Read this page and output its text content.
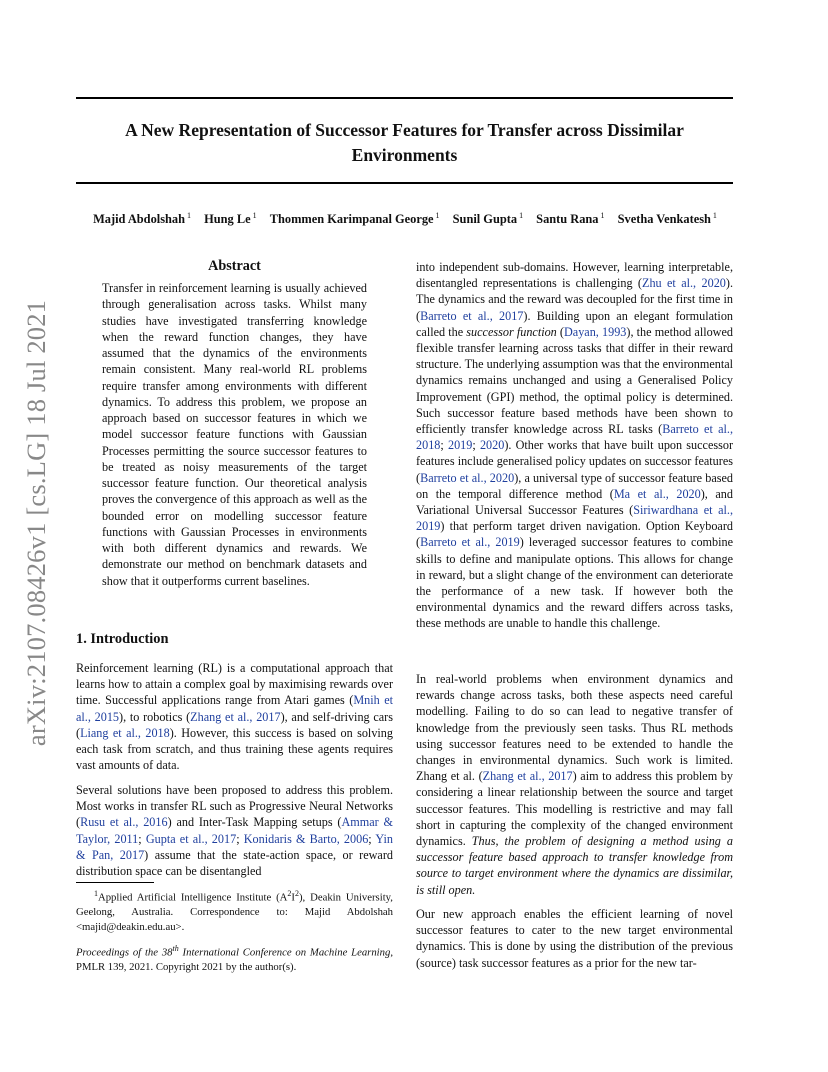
arXiv:2107.08426v1 [cs.LG] 18 Jul 2021
A New Representation of Successor Features for Transfer across Dissimilar
Environments
Majid Abdolshah $^1$ Hung Le $^1$ Thommen Karimpanal George $^1$ Sunil Gupta $^1$ Santu Rana $^1$ Svetha Venkatesh $^1$
Abstract
Transfer in reinforcement learning is usually achieved through generalisation across tasks. Whilst many studies have investigated transferring knowledge when the reward function changes, they have assumed that the dynamics of the environments remain consistent. Many real-world RL problems require transfer among environments with different dynamics. To address this problem, we propose an approach based on successor features in which we model successor feature functions with Gaussian Processes permitting the source successor features to be treated as noisy measurements of the target successor feature function. Our theoretical analysis proves the convergence of this approach as well as the bounded error on modelling successor feature functions with Gaussian Processes in environments with both different dynamics and rewards. We demonstrate our method on benchmark datasets and show that it outperforms current baselines.
1. Introduction
Reinforcement learning (RL) is a computational approach that learns how to attain a complex goal by maximising rewards over time. Successful applications range from Atari games (Mnih et al., 2015), to robotics (Zhang et al., 2017), and self-driving cars (Liang et al., 2018). However, this success is based on solving each task from scratch, and thus training these agents requires vast amounts of data.
Several solutions have been proposed to address this problem. Most works in transfer RL such as Progressive Neural Networks (Rusu et al., 2016) and Inter-Task Mapping setups (Ammar & Taylor, 2011; Gupta et al., 2017; Konidaris & Barto, 2006; Yin & Pan, 2017) assume that the state-action space, or reward distribution space can be disentangled
$^1$Applied Artificial Intelligence Institute $(A^2I^2)$, Deakin University, Geelong, Australia. Correspondence to: Majid Abdolshah <majid@deakin.edu.au>.
Proceedings of the 38th International Conference on Machine Learning, PMLR 139, 2021. Copyright 2021 by the author(s).
into independent sub-domains. However, learning interpretable, disentangled representations is challenging (Zhu et al., 2020). The dynamics and the reward was decoupled for the first time in (Barreto et al., 2017). Building upon an elegant formulation called the successor function (Dayan, 1993), the method allowed flexible transfer learning across tasks that differ in their reward structure. The underlying assumption was that the environmental dynamics remains unchanged and using a Generalised Policy Improvement (GPI) method, the optimal policy is determined. Such successor feature based methods have been shown to efficiently transfer knowledge across RL tasks (Barreto et al., 2018; 2019; 2020). Other works that have built upon successor features include generalised policy updates on successor features (Barreto et al., 2020), a universal type of successor feature based on the temporal difference method (Ma et al., 2020), and Variational Universal Successor Features (Siriwardhana et al., 2019) that perform target driven navigation. Option Keyboard (Barreto et al., 2019) leveraged successor features to combine skills to define and manipulate options. This allows for change in reward, but a slight change of the environment can deteriorate the performance of a new task. If however both the environmental dynamics and the reward differs across tasks, these methods are unable to handle this challenge.
In real-world problems when environment dynamics and rewards change across tasks, both these aspects need careful modelling. Failing to do so can lead to negative transfer of knowledge from the previously seen tasks. Thus RL methods using successor features need to be extended to handle the changes in environmental dynamics. Such work is limited. Zhang et al. (Zhang et al., 2017) aim to address this problem by considering a linear relationship between the source and target successor features. This modelling is restrictive and may fall short in capturing the complexity of the changed environment dynamics. Thus, the problem of designing a method using a successor feature based approach to transfer knowledge from source to target environment where the dynamics are dissimilar, is still open.
Our new approach enables the efficient learning of novel successor features to cater to the new target environmental dynamics. This is done by using the distribution of the previous (source) task successor features as a prior for the new tar-
